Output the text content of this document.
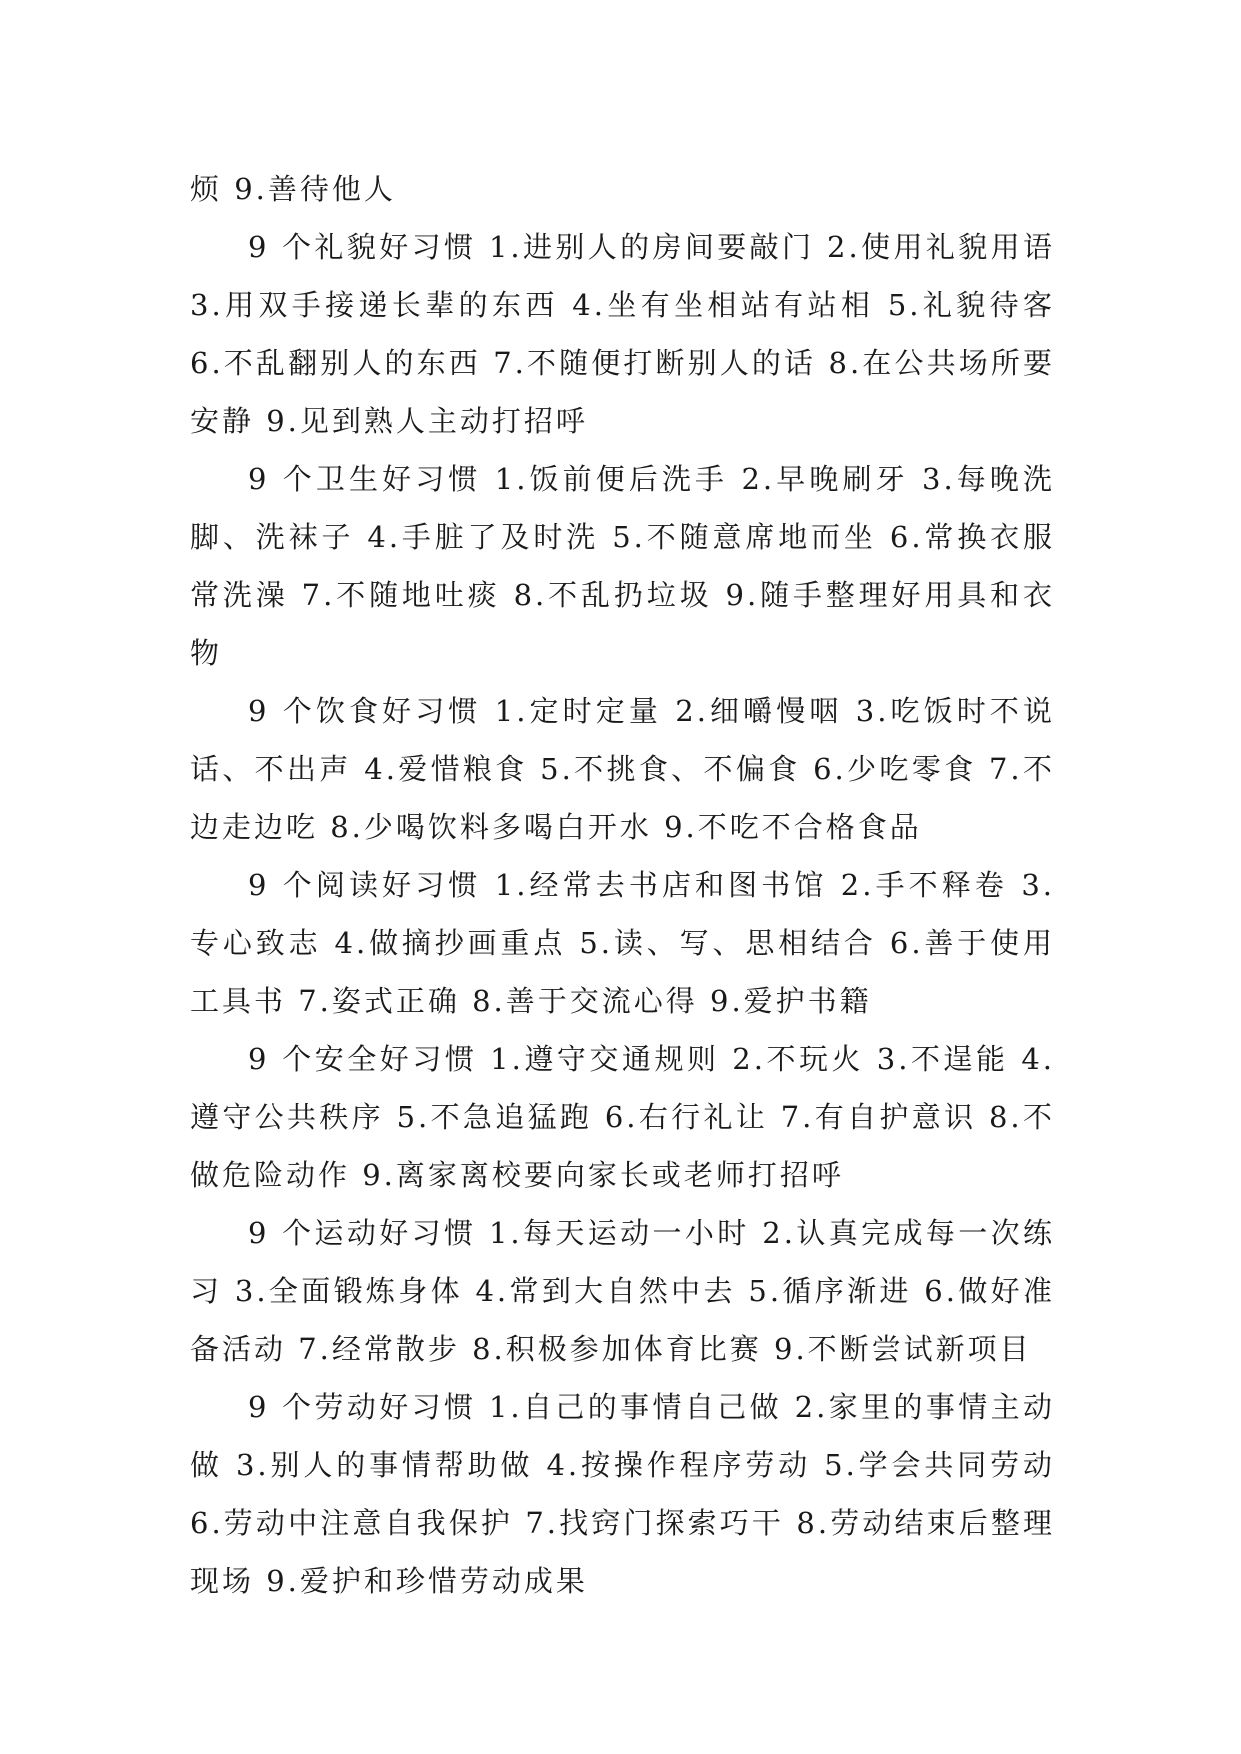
烦 9.善待他人

9 个礼貌好习惯 1.进别人的房间要敲门 2.使用礼貌用语 3.用双手接递长辈的东西 4.坐有坐相站有站相 5.礼貌待客 6.不乱翻别人的东西 7.不随便打断别人的话 8.在公共场所要安静 9.见到熟人主动打招呼

9 个卫生好习惯 1.饭前便后洗手 2.早晚刷牙 3.每晚洗脚、洗袜子 4.手脏了及时洗 5.不随意席地而坐 6.常换衣服常洗澡 7.不随地吐痰 8.不乱扔垃圾 9.随手整理好用具和衣物

9 个饮食好习惯 1.定时定量 2.细嚼慢咽 3.吃饭时不说话、不出声 4.爱惜粮食 5.不挑食、不偏食 6.少吃零食 7.不边走边吃 8.少喝饮料多喝白开水 9.不吃不合格食品

9 个阅读好习惯 1.经常去书店和图书馆 2.手不释卷 3.专心致志 4.做摘抄画重点 5.读、写、思相结合 6.善于使用工具书 7.姿式正确 8.善于交流心得 9.爱护书籍

9 个安全好习惯 1.遵守交通规则 2.不玩火 3.不逞能 4.遵守公共秩序 5.不急追猛跑 6.右行礼让 7.有自护意识 8.不做危险动作 9.离家离校要向家长或老师打招呼

9 个运动好习惯 1.每天运动一小时 2.认真完成每一次练习 3.全面锻炼身体 4.常到大自然中去 5.循序渐进 6.做好准备活动 7.经常散步 8.积极参加体育比赛 9.不断尝试新项目

9 个劳动好习惯 1.自己的事情自己做 2.家里的事情主动做 3.别人的事情帮助做 4.按操作程序劳动 5.学会共同劳动 6.劳动中注意自我保护 7.找窍门探索巧干 8.劳动结束后整理现场 9.爱护和珍惜劳动成果
